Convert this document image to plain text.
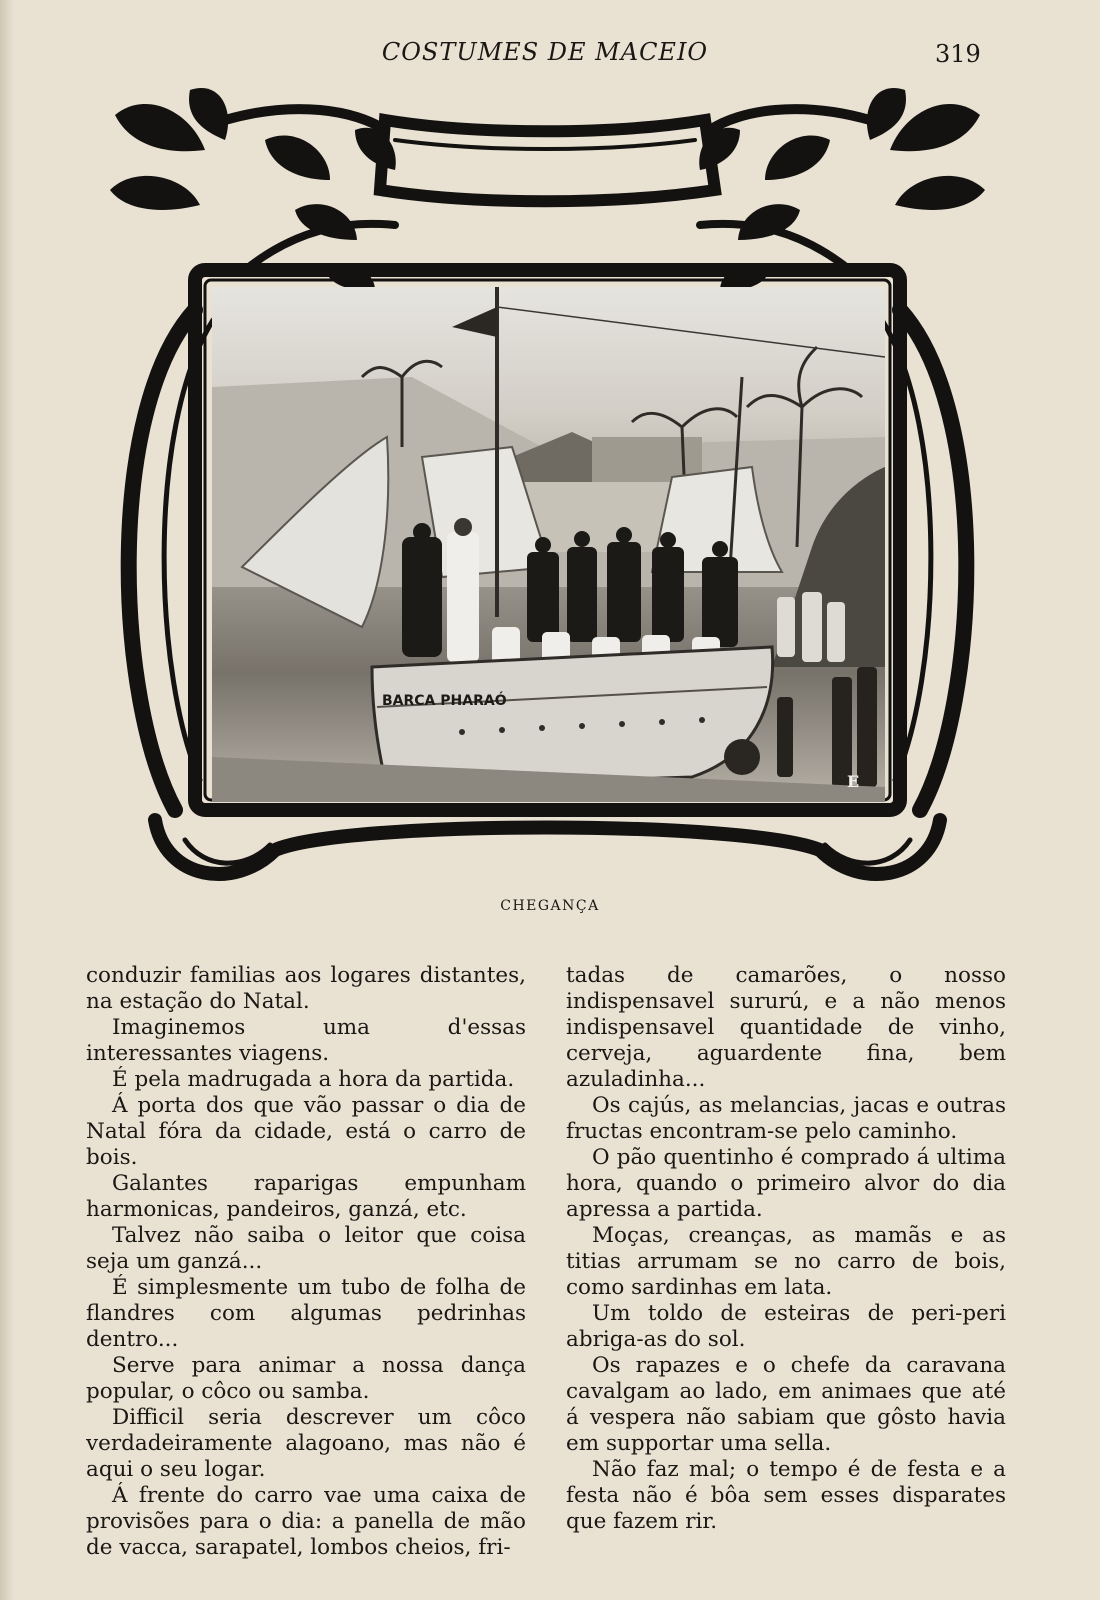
COSTUMES DE MACEIO	319
BARCA PHARAÓ
E
CHEGANÇA

conduzir familias aos logares distantes, na estação do Natal.

Imaginemos uma d'essas interessantes viagens.

É pela madrugada a hora da partida.

Á porta dos que vão passar o dia de Natal fóra da cidade, está o carro de bois.

Galantes raparigas empunham harmonicas, pandeiros, ganzá, etc.

Talvez não saiba o leitor que coisa seja um ganzá...

É simplesmente um tubo de folha de flandres com algumas pedrinhas dentro...

Serve para animar a nossa dança popular, o côco ou samba.

Difficil seria descrever um côco verdadeiramente alagoano, mas não é aqui o seu logar.

Á frente do carro vae uma caixa de provisões para o dia: a panella de mão de vacca, sarapatel, lombos cheios, fri-

tadas de camarões, o nosso indispensavel sururú, e a não menos indispensavel quantidade de vinho, cerveja, aguardente fina, bem azuladinha...

Os cajús, as melancias, jacas e outras fructas encontram-se pelo caminho.

O pão quentinho é comprado á ultima hora, quando o primeiro alvor do dia apressa a partida.

Moças, creanças, as mamãs e as titias arrumam se no carro de bois, como sardinhas em lata.

Um toldo de esteiras de peri-peri abriga-as do sol.

Os rapazes e o chefe da caravana cavalgam ao lado, em animaes que até á vespera não sabiam que gôsto havia em supportar uma sella.

Não faz mal; o tempo é de festa e a festa não é bôa sem esses disparates que fazem rir.
